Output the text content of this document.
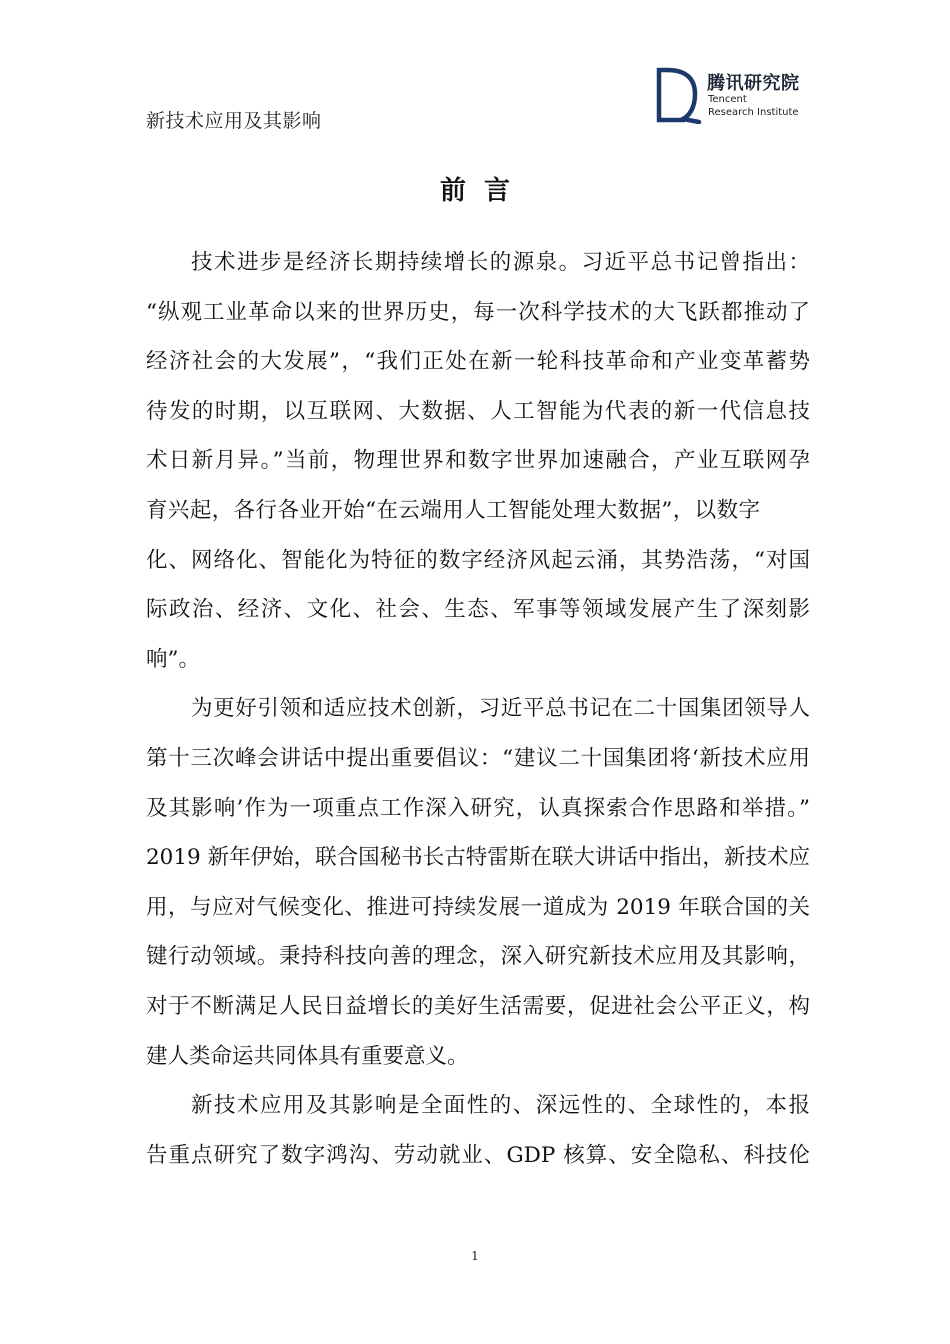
新技术应用及其影响
腾讯研究院
Tencent
Research Institute
前  言
技术进步是经济长期持续增长的源泉。习近平总书记曾指出：
“纵观工业革命以来的世界历史，每一次科学技术的大飞跃都推动了
经济社会的大发展”，“我们正处在新一轮科技革命和产业变革蓄势
待发的时期，以互联网、大数据、人工智能为代表的新一代信息技
术日新月异。”当前，物理世界和数字世界加速融合，产业互联网孕
育兴起，各行各业开始“在云端用人工智能处理大数据”，以数字
化、网络化、智能化为特征的数字经济风起云涌，其势浩荡，“对国
际政治、经济、文化、社会、生态、军事等领域发展产生了深刻影
响”。
为更好引领和适应技术创新，习近平总书记在二十国集团领导人
第十三次峰会讲话中提出重要倡议：“建议二十国集团将‘新技术应用
及其影响’作为一项重点工作深入研究，认真探索合作思路和举措。”
2019 新年伊始，联合国秘书长古特雷斯在联大讲话中指出，新技术应
用，与应对气候变化、推进可持续发展一道成为 2019 年联合国的关
键行动领域。秉持科技向善的理念，深入研究新技术应用及其影响，
对于不断满足人民日益增长的美好生活需要，促进社会公平正义，构
建人类命运共同体具有重要意义。
新技术应用及其影响是全面性的、深远性的、全球性的，本报
告重点研究了数字鸿沟、劳动就业、GDP 核算、安全隐私、科技伦
1
